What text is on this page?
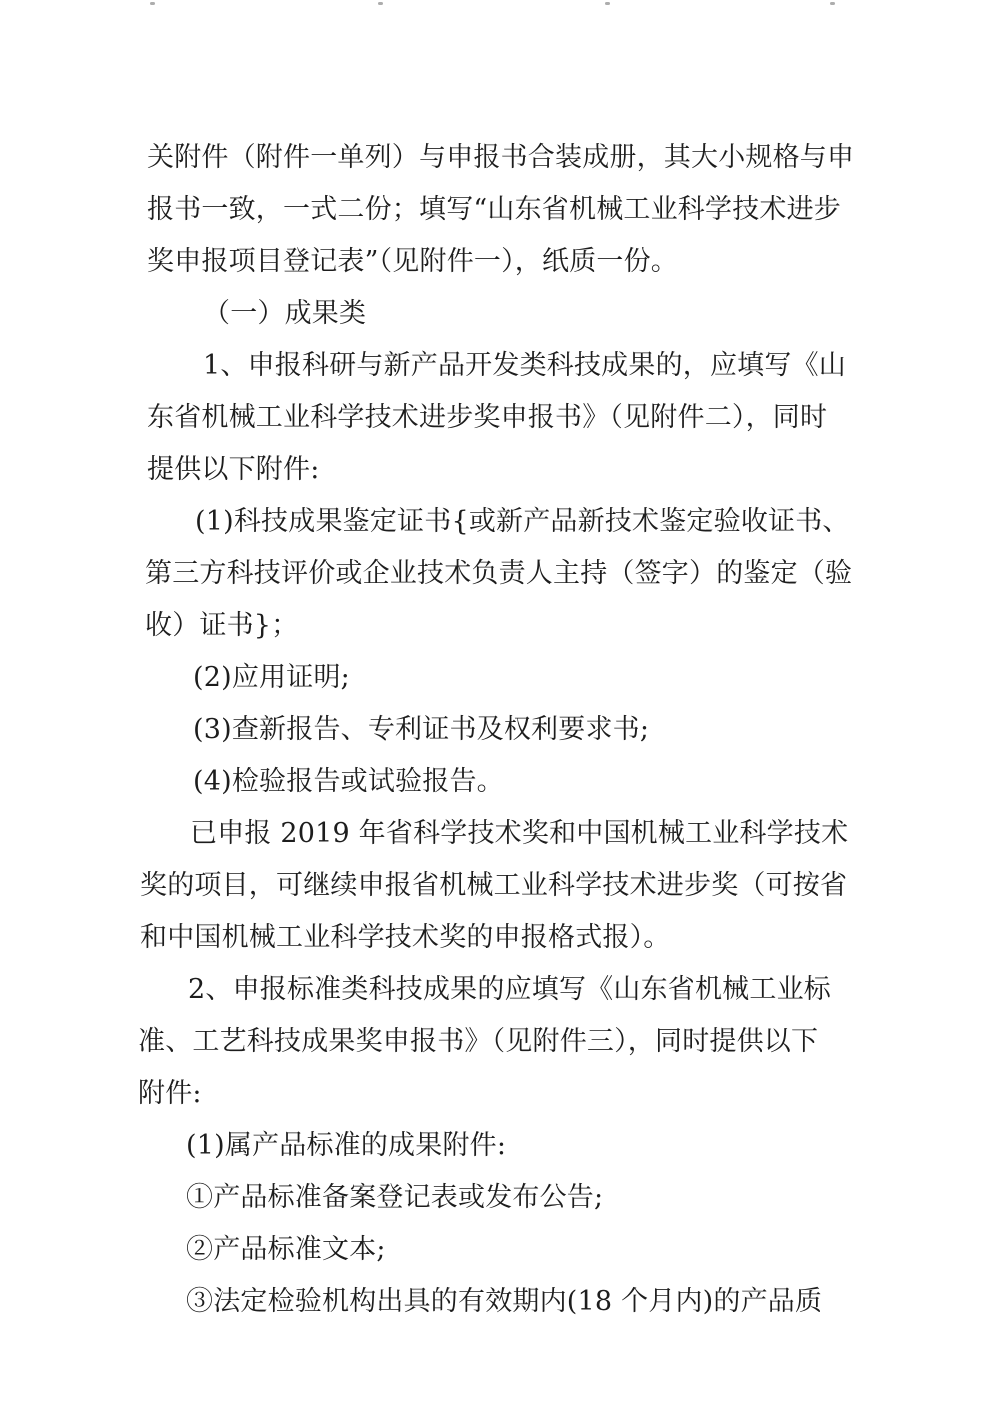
关附件（附件一单列）与申报书合装成册，其大小规格与申
报书一致，一式二份；填写“山东省机械工业科学技术进步
奖申报项目登记表”（见附件一），纸质一份。
（一）成果类
1、申报科研与新产品开发类科技成果的，应填写《山
东省机械工业科学技术进步奖申报书》（见附件二），同时
提供以下附件:
(1)科技成果鉴定证书{或新产品新技术鉴定验收证书、
第三方科技评价或企业技术负责人主持（签字）的鉴定（验
收）证书}；
(2)应用证明;
(3)查新报告、专利证书及权利要求书;
(4)检验报告或试验报告。
已申报 2019 年省科学技术奖和中国机械工业科学技术
奖的项目，可继续申报省机械工业科学技术进步奖（可按省
和中国机械工业科学技术奖的申报格式报）。
2、申报标准类科技成果的应填写《山东省机械工业标
准、工艺科技成果奖申报书》（见附件三），同时提供以下
附件:
(1)属产品标准的成果附件:
①产品标准备案登记表或发布公告;
②产品标准文本;
③法定检验机构出具的有效期内(18 个月内)的产品质
